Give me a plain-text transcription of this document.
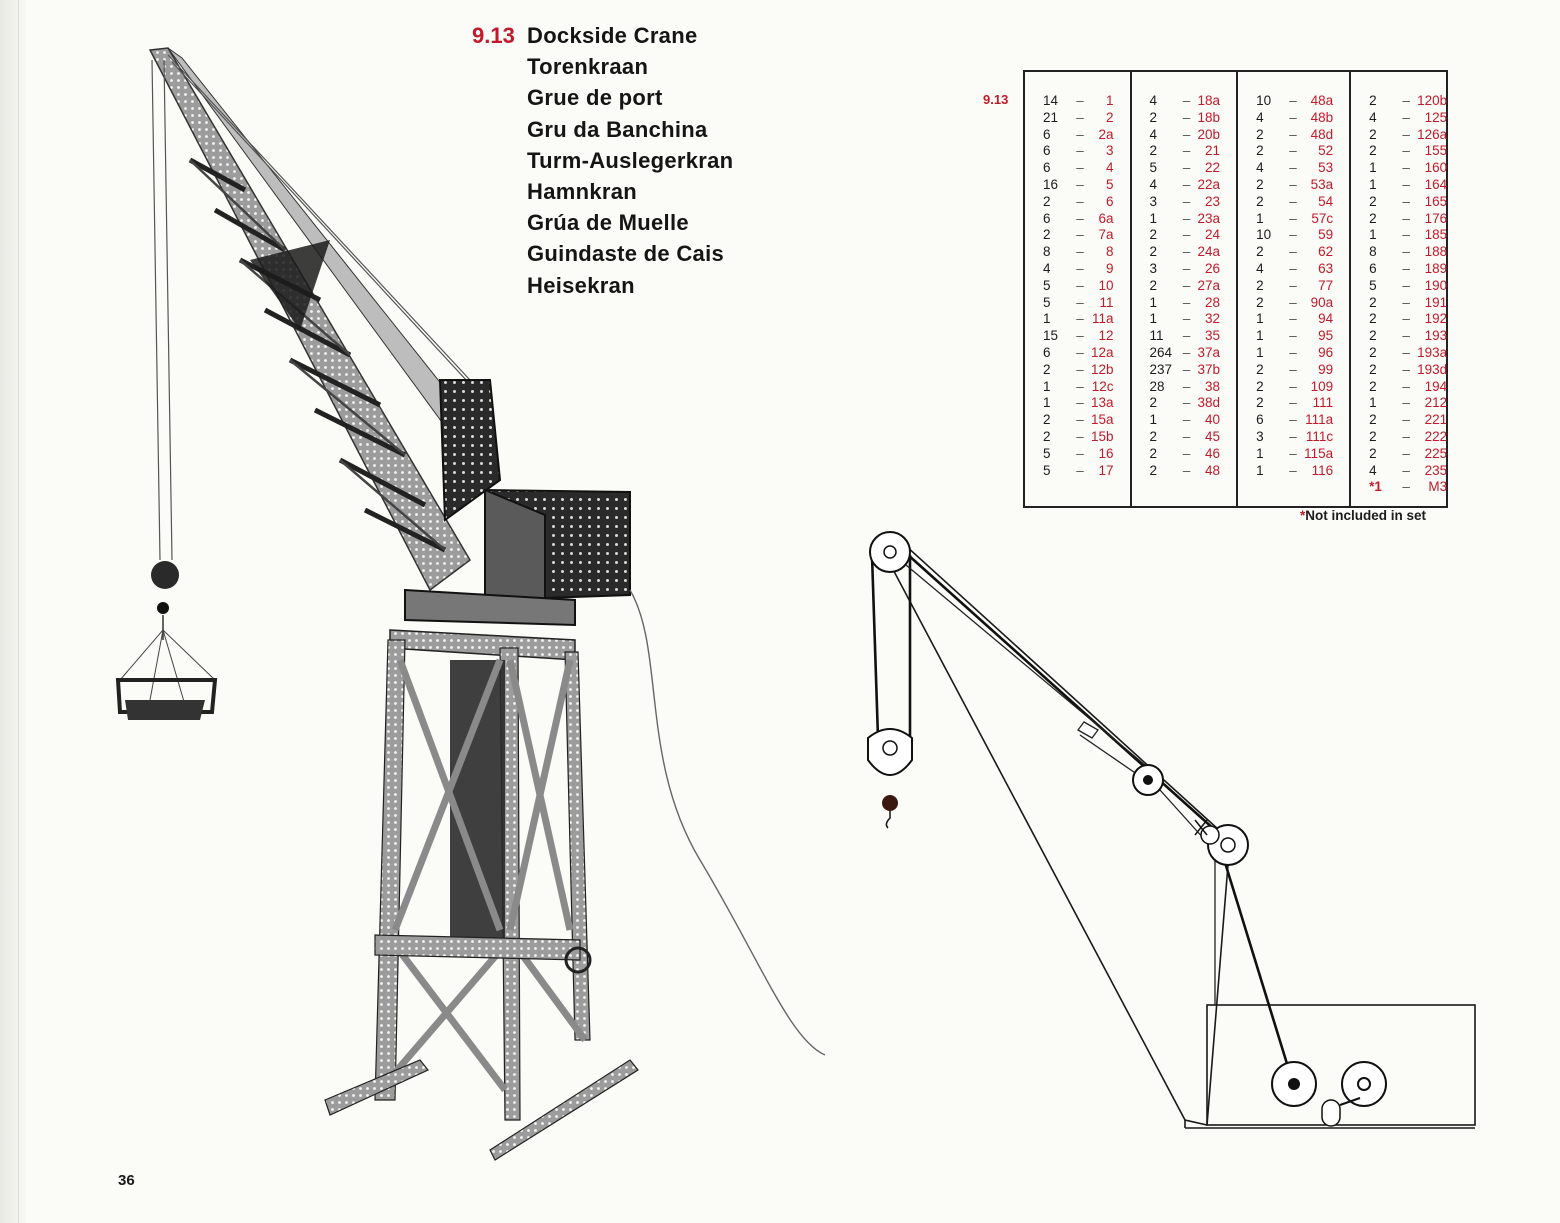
9.13 Dockside Crane
Torenkraan
Grue de port
Gru da Banchina
Turm-Auslegerkran
Hamnkran
Grúa de Muelle
Guindaste de Cais
Heisekran
9.13	14	–	1
21	–	2
6	–	2a
6	–	3
6	–	4
16	–	5
2	–	6
6	–	6a
2	–	7a
8	–	8
4	–	9
5	–	10
5	–	11
1	– 11a
15	–	12
6	– 12a
2	– 12b
1	– 12c
1	– 13a
2	– 15a
2	– 15b
5	–	16
5	–	17
4	– 18a
2	– 18b
4	– 20b
2	–	21
5	–	22
4	– 22a
3	–	23
1	– 23a
2	–	24
2	– 24a
3	–	26
2	– 27a
1	–	28
1	–	32
11	–	35
264 – 37a
237 – 37b
28	–	38
2	– 38d
1	–	40
2	–	45
2	–	46
2	–	48
10	–	48a
4	–	48b
2	–	48d
2	–	52
4	–	53
2	–	53a
2	–	54
1	–	57c
10	–	59
2	–	62
4	–	63
2	–	77
2	–	90a
1	–	94
1	–	95
1	–	96
2	–	99
2	–	109
2	–	111
6	– 111a
3	– 111c
1	– 115a
1	–	116
2	– 120b
4	–	125
2	– 126a
2	–	155
1	–	160
1	–	164
2	–	165
2	–	176
1	–	185
8	–	188
6	–	189
5	–	190
2	–	191
2	–	192
2	–	193
2	– 193a
2	– 193d
2	–	194
1	–	212
2	–	221
2	–	222
2	–	225
4	–	235
*1	–	M3
*Not included in set
36
